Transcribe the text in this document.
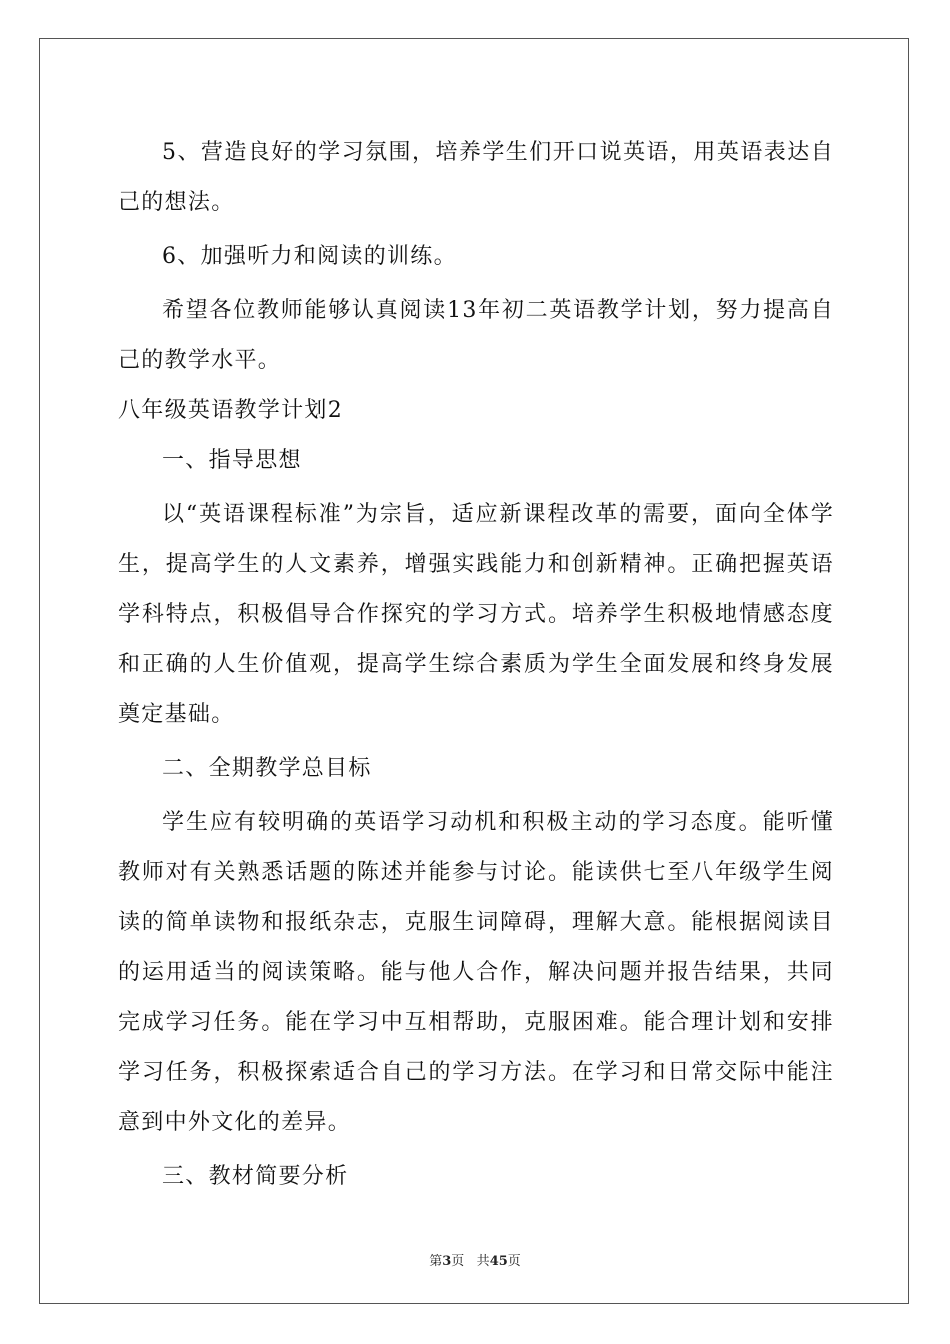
5、营造良好的学习氛围，培养学生们开口说英语，用英语表达自己的想法。

6、加强听力和阅读的训练。

希望各位教师能够认真阅读13年初二英语教学计划，努力提高自己的教学水平。

八年级英语教学计划2

一、指导思想

以“英语课程标准”为宗旨，适应新课程改革的需要，面向全体学生，提高学生的人文素养，增强实践能力和创新精神。正确把握英语学科特点，积极倡导合作探究的学习方式。培养学生积极地情感态度和正确的人生价值观，提高学生综合素质为学生全面发展和终身发展奠定基础。

二、全期教学总目标

学生应有较明确的英语学习动机和积极主动的学习态度。能听懂教师对有关熟悉话题的陈述并能参与讨论。能读供七至八年级学生阅读的简单读物和报纸杂志，克服生词障碍，理解大意。能根据阅读目的运用适当的阅读策略。能与他人合作，解决问题并报告结果，共同完成学习任务。能在学习中互相帮助，克服困难。能合理计划和安排学习任务，积极探索适合自己的学习方法。在学习和日常交际中能注意到中外文化的差异。

三、教材简要分析

第3页 共45页
